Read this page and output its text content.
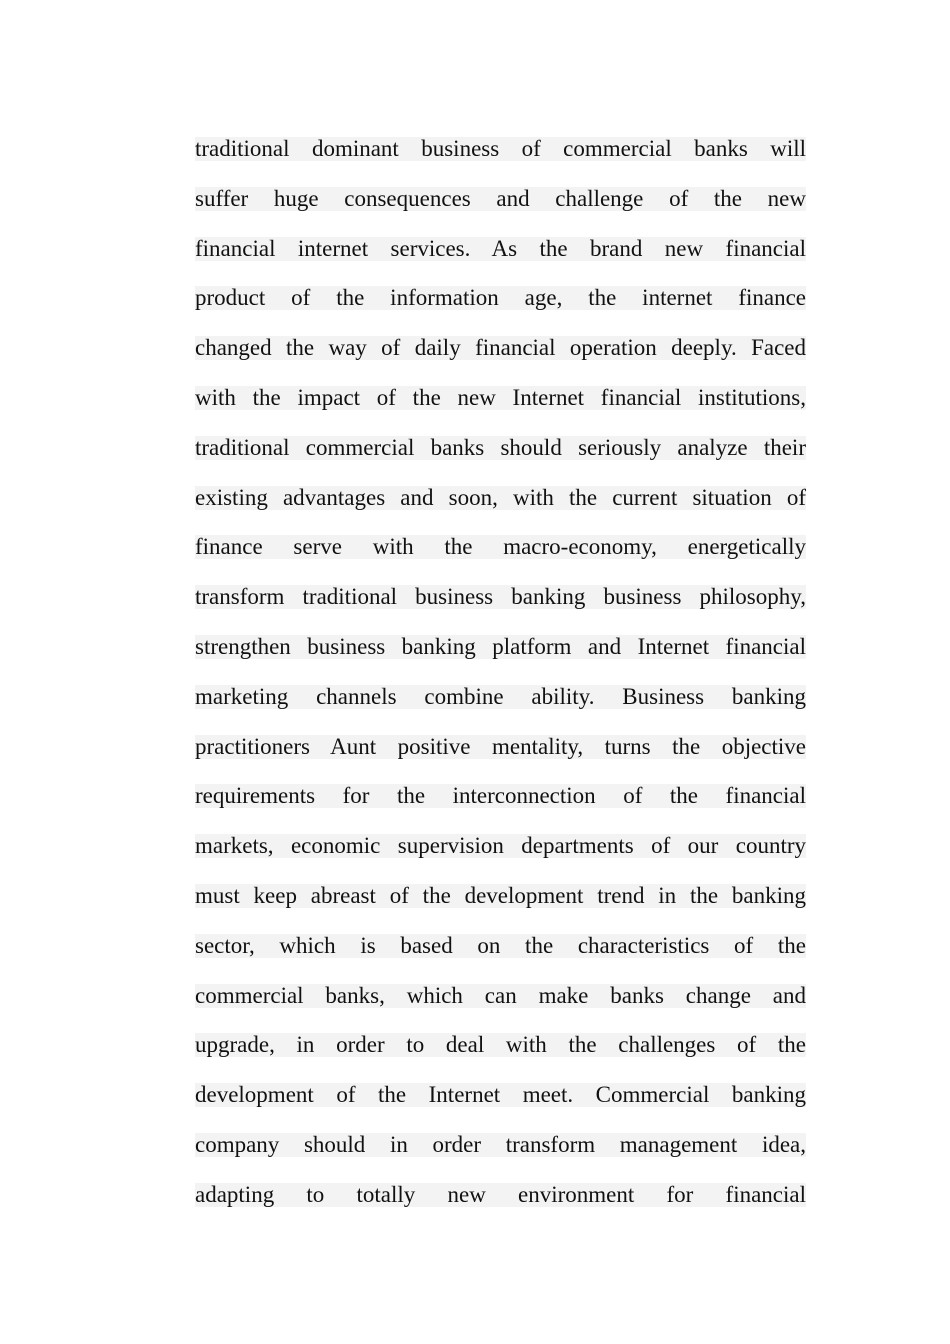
traditional dominant business of commercial banks will
suffer huge consequences and challenge of the new
financial internet services. As the brand new financial
product of the information age, the internet finance
changed the way of daily financial operation deeply. Faced
with the impact of the new Internet financial institutions,
traditional commercial banks should seriously analyze their
existing advantages and soon, with the current situation of
finance serve with the macro-economy, energetically
transform traditional business banking business philosophy,
strengthen business banking platform and Internet financial
marketing channels combine ability. Business banking
practitioners Aunt positive mentality, turns the objective
requirements for the interconnection of the financial
markets, economic supervision departments of our country
must keep abreast of the development trend in the banking
sector, which is based on the characteristics of the
commercial banks, which can make banks change and
upgrade, in order to deal with the challenges of the
development of the Internet meet. Commercial banking
company should in order transform management idea,
adapting to totally new environment for financial
